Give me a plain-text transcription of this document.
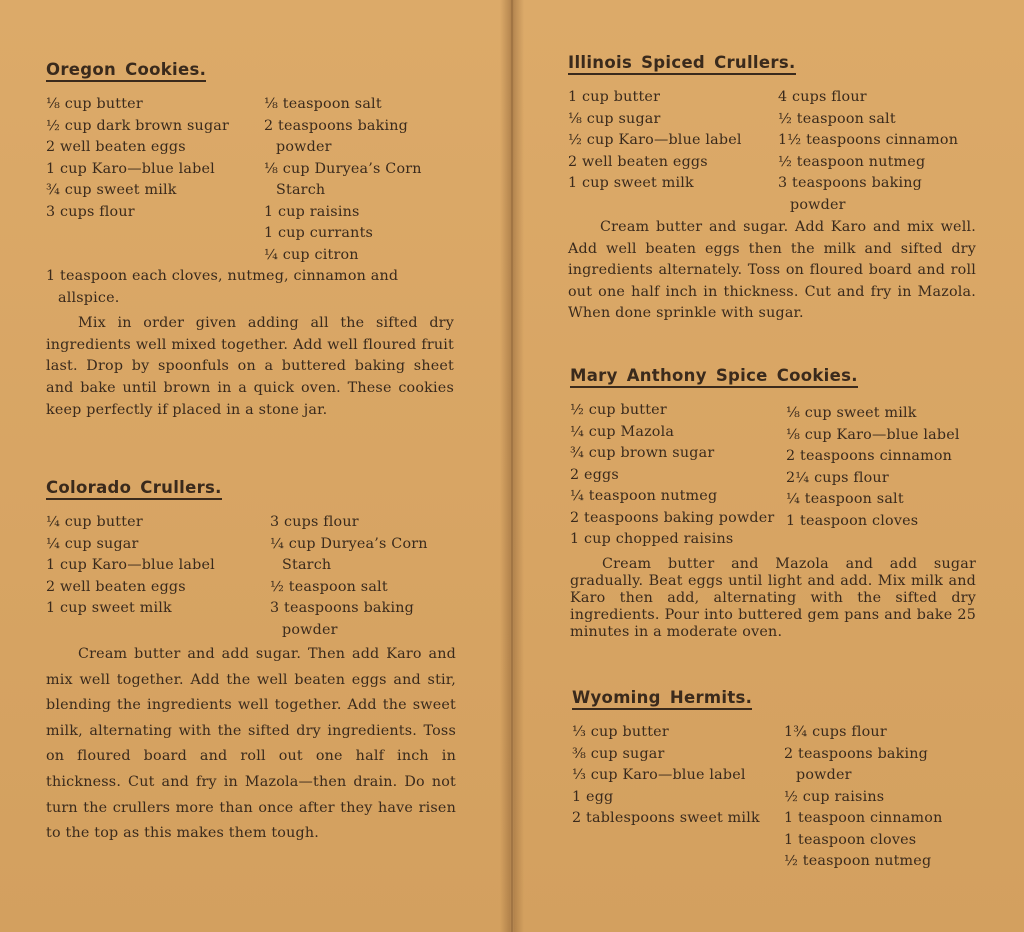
Oregon Cookies.
⅛ cup butter
½ cup dark brown sugar
2 well beaten eggs
1 cup Karo—blue label
¾ cup sweet milk
3 cups flour
⅛ teaspoon salt
2 teaspoons baking powder
⅛ cup Duryea’s Corn Starch
1 cup raisins
1 cup currants
¼ cup citron
1 teaspoon each cloves, nutmeg, cinnamon and allspice.

Mix in order given adding all the sifted dry ingredients well mixed together. Add well floured fruit last. Drop by spoonfuls on a buttered baking sheet and bake until brown in a quick oven. These cookies keep perfectly if placed in a stone jar.

Colorado Crullers.
¼ cup butter
¼ cup sugar
1 cup Karo—blue label
2 well beaten eggs
1 cup sweet milk
3 cups flour
¼ cup Duryea’s Corn Starch
½ teaspoon salt
3 teaspoons baking powder

Cream butter and add sugar. Then add Karo and mix well together. Add the well beaten eggs and stir, blending the ingredients well together. Add the sweet milk, alternating with the sifted dry ingredients. Toss on floured board and roll out one half inch in thickness. Cut and fry in Mazola—then drain. Do not turn the crullers more than once after they have risen to the top as this makes them tough.

Illinois Spiced Crullers.
1 cup butter
⅛ cup sugar
½ cup Karo—blue label
2 well beaten eggs
1 cup sweet milk
4 cups flour
½ teaspoon salt
1½ teaspoons cinnamon
½ teaspoon nutmeg
3 teaspoons baking powder

Cream butter and sugar. Add Karo and mix well. Add well beaten eggs then the milk and sifted dry ingredients alternately. Toss on floured board and roll out one half inch in thickness. Cut and fry in Mazola. When done sprinkle with sugar.

Mary Anthony Spice Cookies.
½ cup butter
¼ cup Mazola
¾ cup brown sugar
2 eggs
¼ teaspoon nutmeg
2 teaspoons baking powder
1 cup chopped raisins
⅛ cup sweet milk
⅛ cup Karo—blue label
2 teaspoons cinnamon
2¼ cups flour
¼ teaspoon salt
1 teaspoon cloves

Cream butter and Mazola and add sugar gradually. Beat eggs until light and add. Mix milk and Karo then add, alternating with the sifted dry ingredients. Pour into buttered gem pans and bake 25 minutes in a moderate oven.

Wyoming Hermits.
⅓ cup butter
⅜ cup sugar
⅓ cup Karo—blue label
1 egg
2 tablespoons sweet milk
1¾ cups flour
2 teaspoons baking powder
½ cup raisins
1 teaspoon cinnamon
1 teaspoon cloves
½ teaspoon nutmeg
